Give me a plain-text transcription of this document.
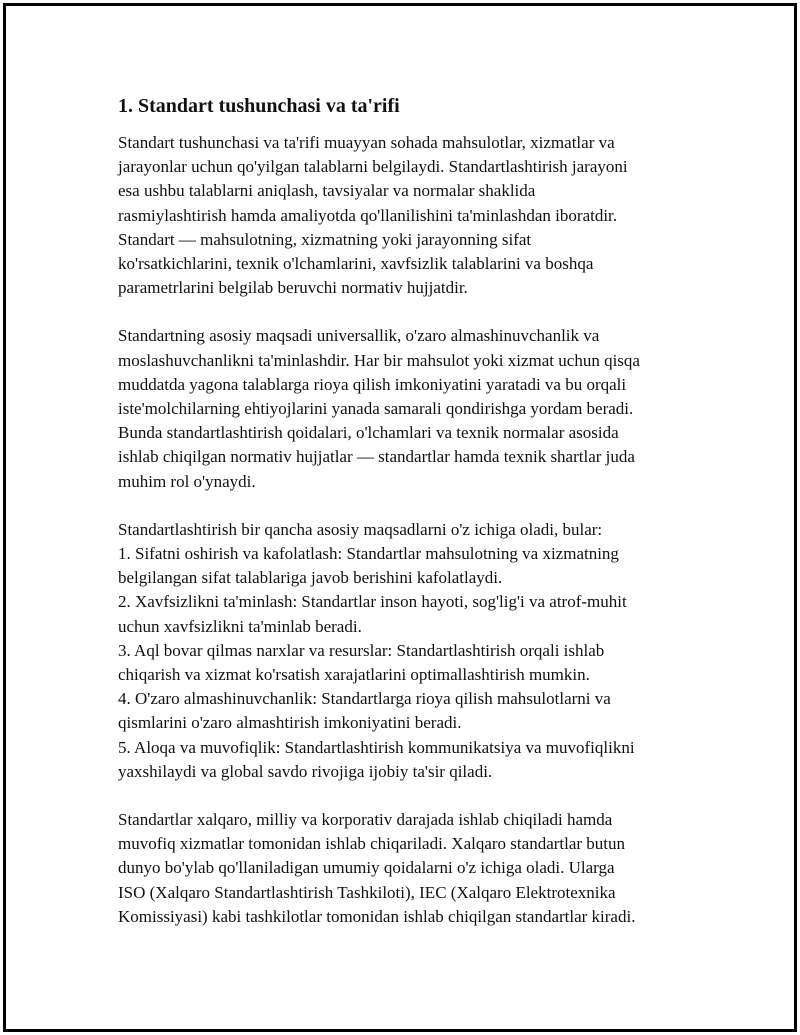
1. Standart tushunchasi va ta'rifi
Standart tushunchasi va ta'rifi muayyan sohada mahsulotlar, xizmatlar va
jarayonlar uchun qo'yilgan talablarni belgilaydi. Standartlashtirish jarayoni
esa ushbu talablarni aniqlash, tavsiyalar va normalar shaklida
rasmiylashtirish hamda amaliyotda qo'llanilishini ta'minlashdan iboratdir.
Standart — mahsulotning, xizmatning yoki jarayonning sifat
ko'rsatkichlarini, texnik o'lchamlarini, xavfsizlik talablarini va boshqa
parametrlarini belgilab beruvchi normativ hujjatdir.
Standartning asosiy maqsadi universallik, o'zaro almashinuvchanlik va
moslashuvchanlikni ta'minlashdir. Har bir mahsulot yoki xizmat uchun qisqa
muddatda yagona talablarga rioya qilish imkoniyatini yaratadi va bu orqali
iste'molchilarning ehtiyojlarini yanada samarali qondirishga yordam beradi.
Bunda standartlashtirish qoidalari, o'lchamlari va texnik normalar asosida
ishlab chiqilgan normativ hujjatlar — standartlar hamda texnik shartlar juda
muhim rol o'ynaydi.
Standartlashtirish bir qancha asosiy maqsadlarni o'z ichiga oladi, bular:
1. Sifatni oshirish va kafolatlash: Standartlar mahsulotning va xizmatning
belgilangan sifat talablariga javob berishini kafolatlaydi.
2. Xavfsizlikni ta'minlash: Standartlar inson hayoti, sog'lig'i va atrof-muhit
uchun xavfsizlikni ta'minlab beradi.
3. Aql bovar qilmas narxlar va resurslar: Standartlashtirish orqali ishlab
chiqarish va xizmat ko'rsatish xarajatlarini optimallashtirish mumkin.
4. O'zaro almashinuvchanlik: Standartlarga rioya qilish mahsulotlarni va
qismlarini o'zaro almashtirish imkoniyatini beradi.
5. Aloqa va muvofiqlik: Standartlashtirish kommunikatsiya va muvofiqlikni
yaxshilaydi va global savdo rivojiga ijobiy ta'sir qiladi.
Standartlar xalqaro, milliy va korporativ darajada ishlab chiqiladi hamda
muvofiq xizmatlar tomonidan ishlab chiqariladi. Xalqaro standartlar butun
dunyo bo'ylab qo'llaniladigan umumiy qoidalarni o'z ichiga oladi. Ularga
ISO (Xalqaro Standartlashtirish Tashkiloti), IEC (Xalqaro Elektrotexnika
Komissiyasi) kabi tashkilotlar tomonidan ishlab chiqilgan standartlar kiradi.
